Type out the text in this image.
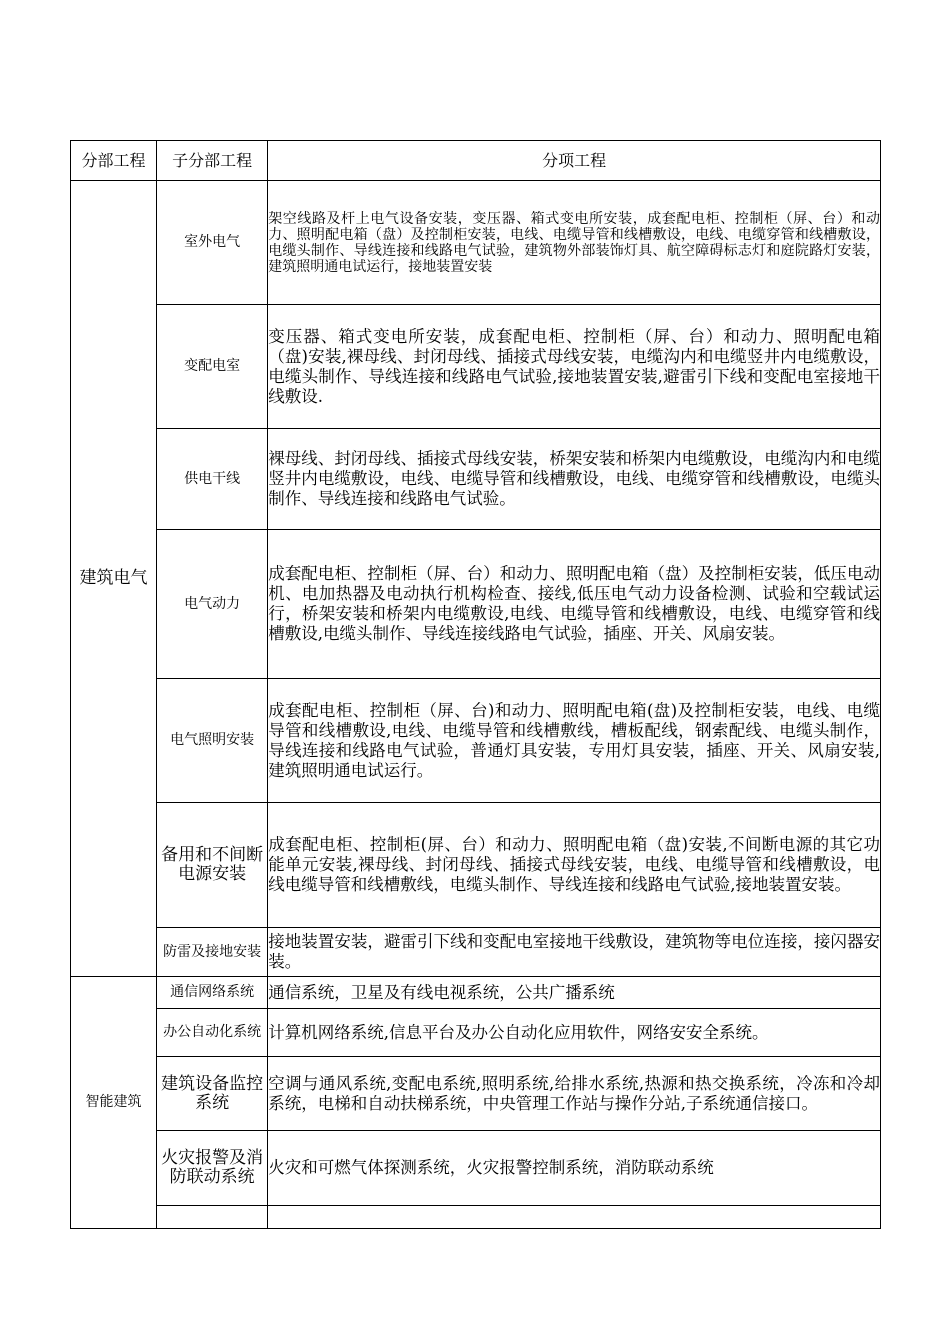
分部工程	子分部工程	分项工程
建筑电气	室外电气	架空线路及杆上电气设备安装，变压器、箱式变电所安装，成套配电柜、控制柜（屏、台）和动力、照明配电箱（盘）及控制柜安装，电线、电缆导管和线槽敷设，电线、电缆穿管和线槽敷设，电缆头制作、导线连接和线路电气试验，建筑物外部装饰灯具、航空障碍标志灯和庭院路灯安装，建筑照明通电试运行，接地装置安装
	变配电室	变压器、箱式变电所安装，成套配电柜、控制柜（屏、台）和动力、照明配电箱（盘)安装,裸母线、封闭母线、插接式母线安装，电缆沟内和电缆竖井内电缆敷设，电缆头制作、导线连接和线路电气试验,接地装置安装,避雷引下线和变配电室接地干线敷设.
	供电干线	裸母线、封闭母线、插接式母线安装，桥架安装和桥架内电缆敷设，电缆沟内和电缆竖井内电缆敷设，电线、电缆导管和线槽敷设，电线、电缆穿管和线槽敷设，电缆头制作、导线连接和线路电气试验。
	电气动力	成套配电柜、控制柜（屏、台）和动力、照明配电箱（盘）及控制柜安装，低压电动机、电加热器及电动执行机构检查、接线,低压电气动力设备检测、试验和空载试运行，桥架安装和桥架内电缆敷设,电线、电缆导管和线槽敷设，电线、电缆穿管和线槽敷设,电缆头制作、导线连接线路电气试验，插座、开关、风扇安装。
	电气照明安装	成套配电柜、控制柜（屏、台)和动力、照明配电箱(盘)及控制柜安装，电线、电缆导管和线槽敷设,电线、电缆导管和线槽敷线，槽板配线，钢索配线、电缆头制作，导线连接和线路电气试验，普通灯具安装，专用灯具安装，插座、开关、风扇安装,建筑照明通电试运行。
	备用和不间断电源安装	成套配电柜、控制柜(屏、台）和动力、照明配电箱（盘)安装,不间断电源的其它功能单元安装,裸母线、封闭母线、插接式母线安装，电线、电缆导管和线槽敷设，电线电缆导管和线槽敷线，电缆头制作、导线连接和线路电气试验,接地装置安装。
	防雷及接地安装	接地装置安装，避雷引下线和变配电室接地干线敷设，建筑物等电位连接，接闪器安装。
智能建筑	通信网络系统	通信系统，卫星及有线电视系统，公共广播系统
	办公自动化系统	计算机网络系统,信息平台及办公自动化应用软件，网络安安全系统。
	建筑设备监控系统	空调与通风系统,变配电系统,照明系统,给排水系统,热源和热交换系统，冷冻和冷却系统，电梯和自动扶梯系统，中央管理工作站与操作分站,子系统通信接口。
	火灾报警及消防联动系统	火灾和可燃气体探测系统，火灾报警控制系统，消防联动系统
